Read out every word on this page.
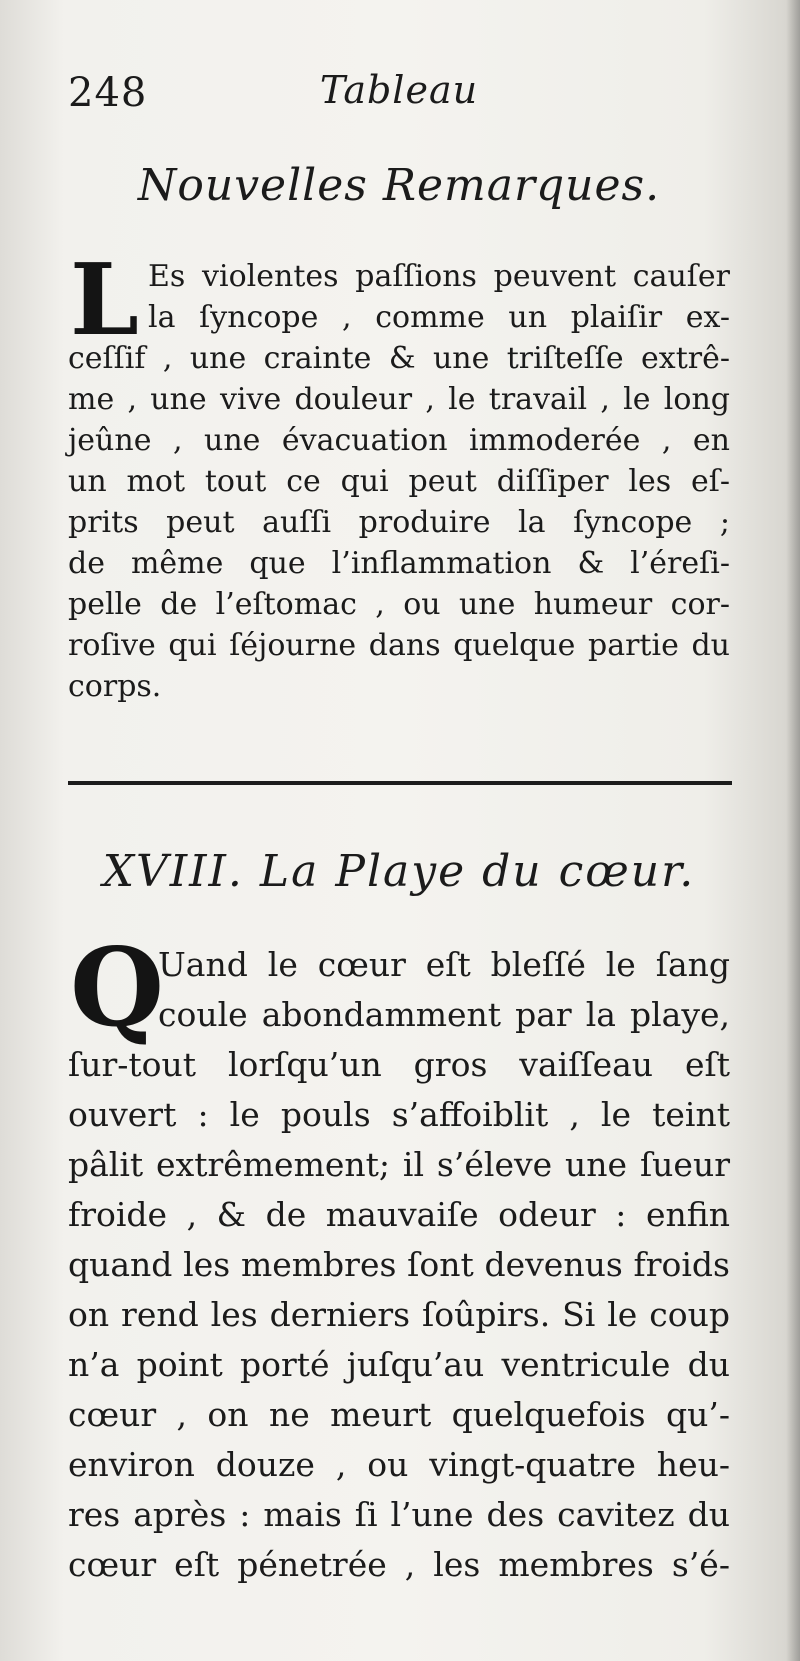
248	Tableau
Nouvelles Remarques.
L Es violentes paſſions peuvent cauſer
la ſyncope , comme un plaiſir ex-
ceſſif , une crainte & une triſteſſe extrê-
me , une vive douleur , le travail , le long
jeûne , une évacuation immoderée , en
un mot tout ce qui peut diſſiper les eſ-
prits peut auſſi produire la ſyncope ;
de même que l’inflammation & l’éreſi-
pelle de l’eſtomac , ou une humeur cor-
roſive qui ſéjourne dans quelque partie du
corps.
XVIII. La Playe du cœur.
Q
Uand le cœur eſt bleſſé le ſang
coule abondamment par la playe,
ſur-tout lorſqu’un gros vaiſſeau eſt
ouvert : le pouls s’affoiblit , le teint
pâlit extrêmement; il s’éleve une ſueur
froide , & de mauvaiſe odeur : enfin
quand les membres ſont devenus froids
on rend les derniers ſoûpirs. Si le coup
n’a point porté juſqu’au ventricule du
cœur , on ne meurt quelquefois qu’-
environ douze , ou vingt-quatre heu-
res après : mais ſi l’une des cavitez du
cœur eſt pénetrée , les membres s’é-
